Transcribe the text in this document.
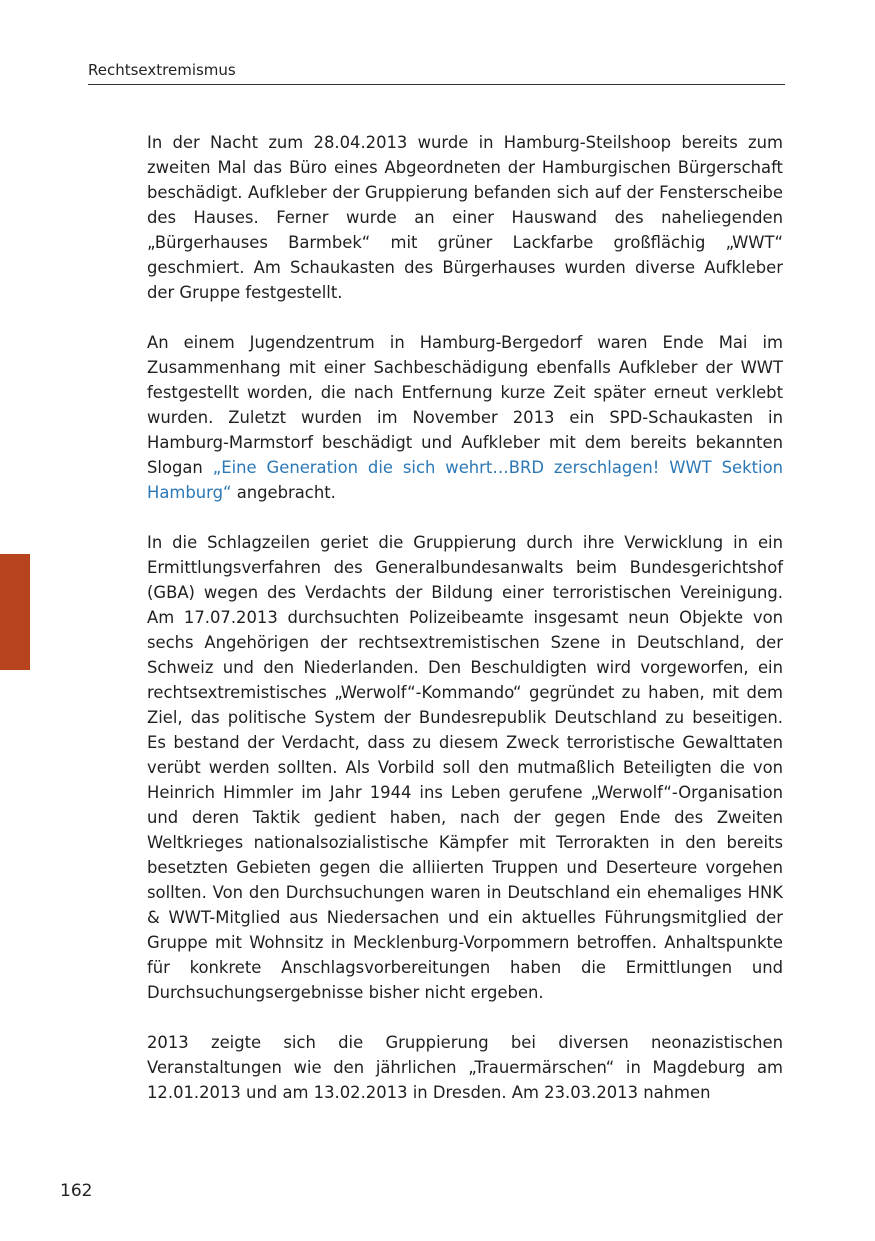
Rechtsextremismus

In der Nacht zum 28.04.2013 wurde in Hamburg-Steilshoop bereits zum zweiten Mal das Büro eines Abgeordneten der Hamburgischen Bürgerschaft beschädigt. Aufkleber der Gruppierung befanden sich auf der Fensterscheibe des Hauses. Ferner wurde an einer Hauswand des naheliegenden „Bürgerhauses Barmbek“ mit grüner Lackfarbe großflächig „WWT“ geschmiert. Am Schaukasten des Bürgerhauses wurden diverse Aufkleber der Gruppe festgestellt.

An einem Jugendzentrum in Hamburg-Bergedorf waren Ende Mai im Zusammenhang mit einer Sachbeschädigung ebenfalls Aufkleber der WWT festgestellt worden, die nach Entfernung kurze Zeit später erneut verklebt wurden. Zuletzt wurden im November 2013 ein SPD-Schaukasten in Hamburg-Marmstorf beschädigt und Aufkleber mit dem bereits bekannten Slogan „Eine Generation die sich wehrt…BRD zerschlagen! WWT Sektion Hamburg“ angebracht.

In die Schlagzeilen geriet die Gruppierung durch ihre Verwicklung in ein Ermittlungsverfahren des Generalbundesanwalts beim Bundesgerichtshof (GBA) wegen des Verdachts der Bildung einer terroristischen Vereinigung. Am 17.07.2013 durchsuchten Polizeibeamte insgesamt neun Objekte von sechs Angehörigen der rechtsextremistischen Szene in Deutschland, der Schweiz und den Niederlanden. Den Beschuldigten wird vorgeworfen, ein rechtsextremistisches „Werwolf“-Kommando“ gegründet zu haben, mit dem Ziel, das politische System der Bundesrepublik Deutschland zu beseitigen. Es bestand der Verdacht, dass zu diesem Zweck terroristische Gewalttaten verübt werden sollten. Als Vorbild soll den mutmaßlich Beteiligten die von Heinrich Himmler im Jahr 1944 ins Leben gerufene „Werwolf“-Organisation und deren Taktik gedient haben, nach der gegen Ende des Zweiten Weltkrieges nationalsozialistische Kämpfer mit Terrorakten in den bereits besetzten Gebieten gegen die alliierten Truppen und Deserteure vorgehen sollten. Von den Durchsuchungen waren in Deutschland ein ehemaliges HNK & WWT-Mitglied aus Niedersachen und ein aktuelles Führungsmitglied der Gruppe mit Wohnsitz in Mecklenburg-Vorpommern betroffen. Anhaltspunkte für konkrete Anschlagsvorbereitungen haben die Ermittlungen und Durchsuchungsergebnisse bisher nicht ergeben.

2013 zeigte sich die Gruppierung bei diversen neonazistischen Veranstaltungen wie den jährlichen „Trauermärschen“ in Magdeburg am 12.01.2013 und am 13.02.2013 in Dresden. Am 23.03.2013 nahmen

162
